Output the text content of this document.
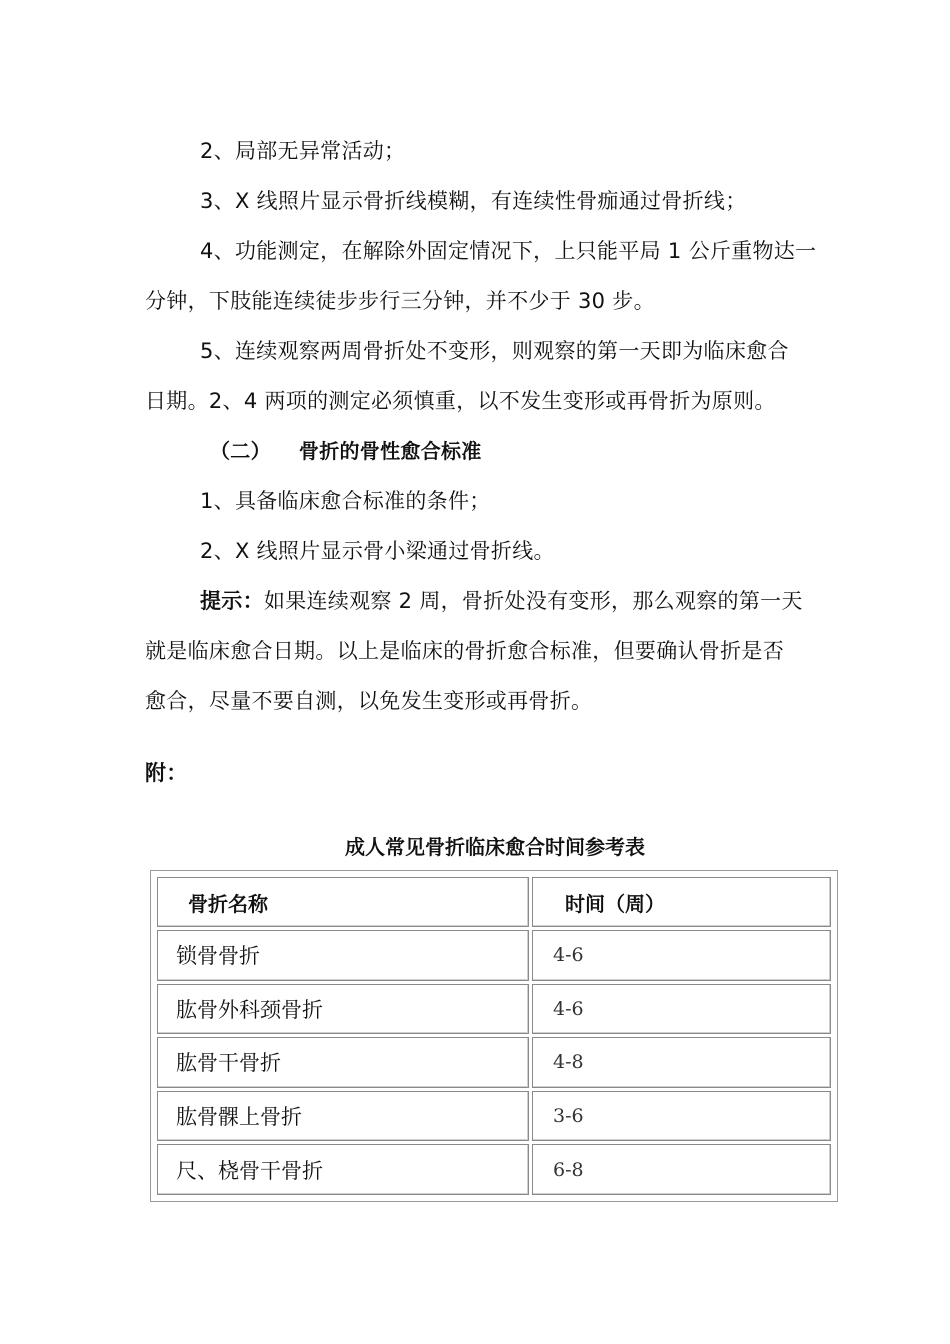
2、局部无异常活动；
3、X 线照片显示骨折线模糊，有连续性骨痂通过骨折线；
4、功能测定，在解除外固定情况下，上只能平局 1 公斤重物达一
分钟，下肢能连续徒步步行三分钟，并不少于 30 步。
5、连续观察两周骨折处不变形，则观察的第一天即为临床愈合
日期。2、4 两项的测定必须慎重，以不发生变形或再骨折为原则。
（二） 骨折的骨性愈合标准
1、具备临床愈合标准的条件；
2、X 线照片显示骨小梁通过骨折线。
提示：如果连续观察 2 周，骨折处没有变形，那么观察的第一天
就是临床愈合日期。以上是临床的骨折愈合标准，但要确认骨折是否
愈合，尽量不要自测，以免发生变形或再骨折。
附：
成人常见骨折临床愈合时间参考表
骨折名称	时间（周）
锁骨骨折	4-6
肱骨外科颈骨折	4-6
肱骨干骨折	4-8
肱骨髁上骨折	3-6
尺、桡骨干骨折	6-8
